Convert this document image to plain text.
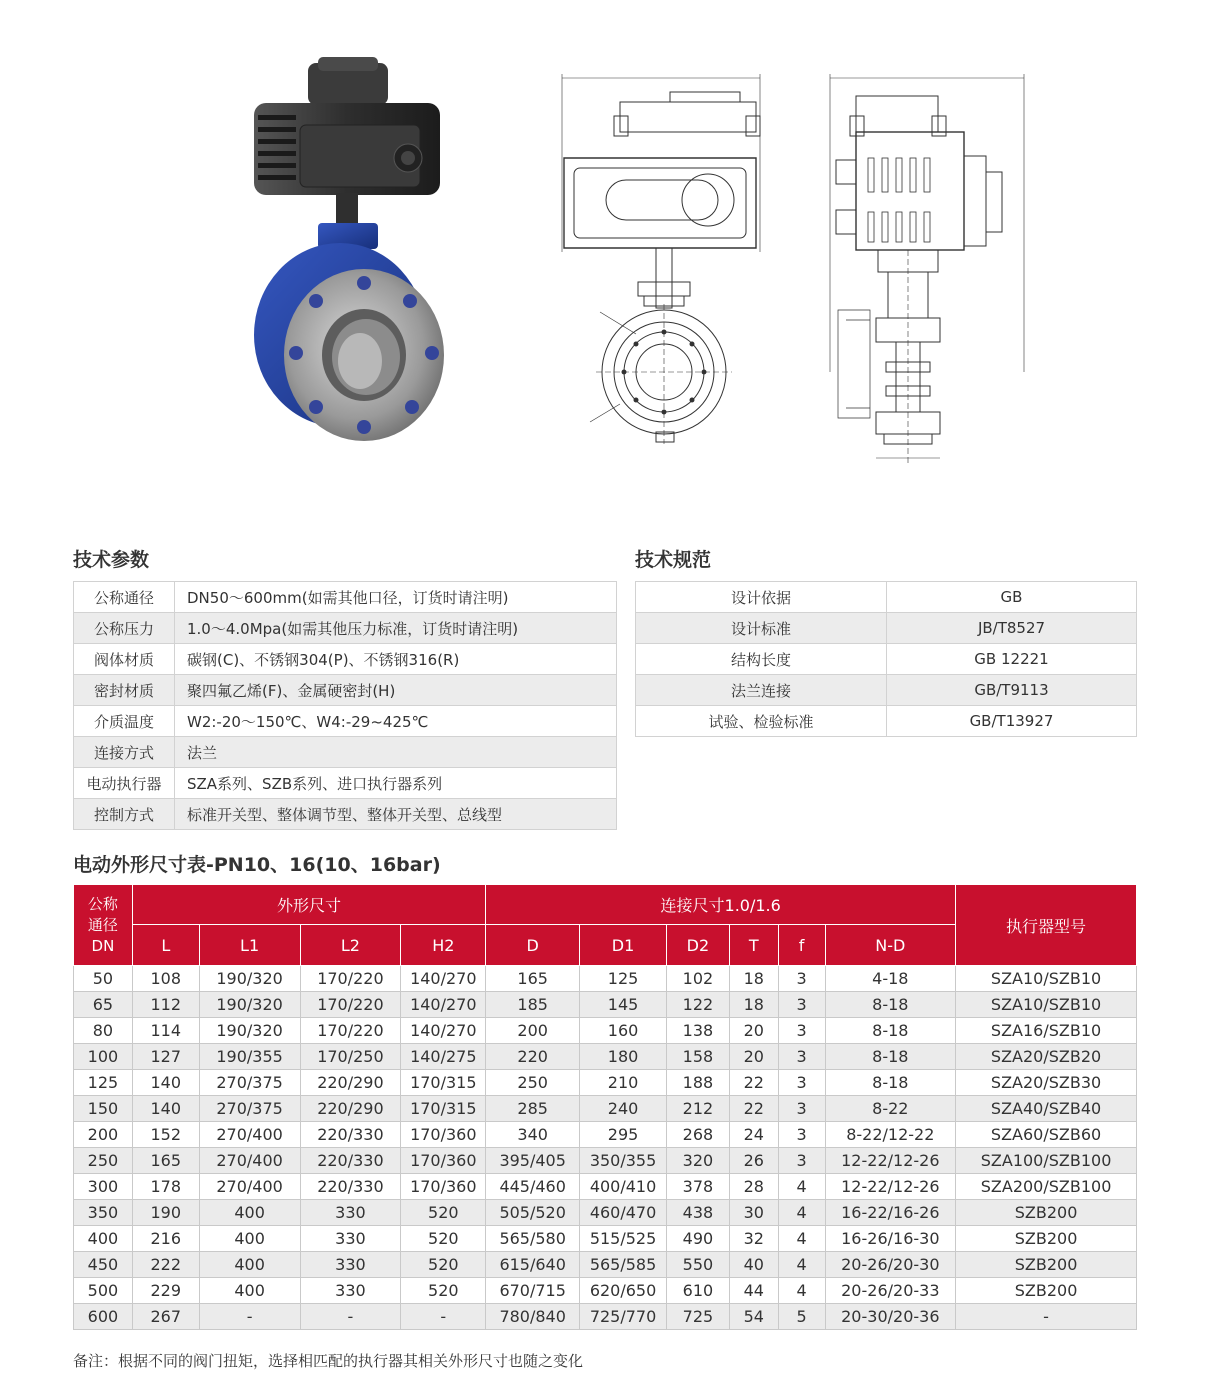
技术参数
公称通径	DN50～600mm(如需其他口径，订货时请注明)
公称压力	1.0～4.0Mpa(如需其他压力标准，订货时请注明)
阀体材质	碳钢(C)、不锈钢304(P)、不锈钢316(R)
密封材质	聚四氟乙烯(F)、金属硬密封(H)
介质温度	W2:-20～150℃、W4:-29~425℃
连接方式	法兰
电动执行器	SZA系列、SZB系列、进口执行器系列
控制方式	标准开关型、整体调节型、整体开关型、总线型
技术规范
设计依据	GB
设计标准	JB/T8527
结构长度	GB 12221
法兰连接	GB/T9113
试验、检验标准	GB/T13927
电动外形尺寸表-PN10、16(10、16bar)
公称
通径
DN	外形尺寸				连接尺寸1.0/1.6						执行器型号
	L	L1	L2	H2	D	D1	D2	T	f	N-D	
50	108	190/320	170/220	140/270	165	125	102	18	3	4-18	SZA10/SZB10
65	112	190/320	170/220	140/270	185	145	122	18	3	8-18	SZA10/SZB10
80	114	190/320	170/220	140/270	200	160	138	20	3	8-18	SZA16/SZB10
100	127	190/355	170/250	140/275	220	180	158	20	3	8-18	SZA20/SZB20
125	140	270/375	220/290	170/315	250	210	188	22	3	8-18	SZA20/SZB30
150	140	270/375	220/290	170/315	285	240	212	22	3	8-22	SZA40/SZB40
200	152	270/400	220/330	170/360	340	295	268	24	3	8-22/12-22	SZA60/SZB60
250	165	270/400	220/330	170/360	395/405	350/355	320	26	3	12-22/12-26	SZA100/SZB100
300	178	270/400	220/330	170/360	445/460	400/410	378	28	4	12-22/12-26	SZA200/SZB100
350	190	400	330	520	505/520	460/470	438	30	4	16-22/16-26	SZB200
400	216	400	330	520	565/580	515/525	490	32	4	16-26/16-30	SZB200
450	222	400	330	520	615/640	565/585	550	40	4	20-26/20-30	SZB200
500	229	400	330	520	670/715	620/650	610	44	4	20-26/20-33	SZB200
600	267	-	-	-	780/840	725/770	725	54	5	20-30/20-36	-
备注：根据不同的阀门扭矩，选择相匹配的执行器其相关外形尺寸也随之变化
